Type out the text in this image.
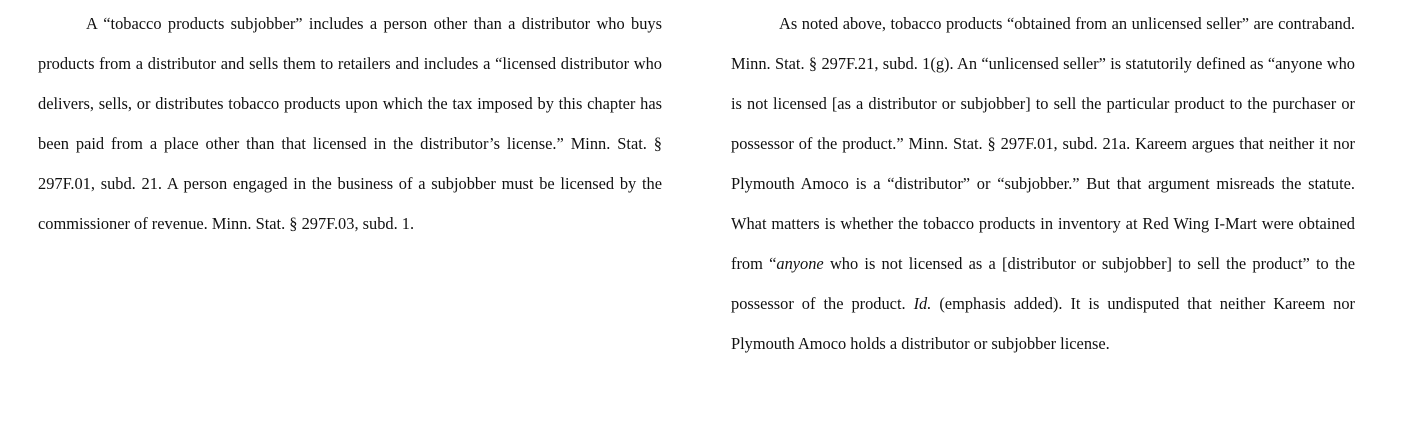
A “tobacco products subjobber” includes a person other than a distributor who buys products from a distributor and sells them to retailers and includes a “licensed distributor who delivers, sells, or distributes tobacco products upon which the tax imposed by this chapter has been paid from a place other than that licensed in the distributor’s license.” Minn. Stat. § 297F.01, subd. 21. A person engaged in the business of a subjobber must be licensed by the commissioner of revenue. Minn. Stat. § 297F.03, subd. 1.

As noted above, tobacco products “obtained from an unlicensed seller” are contraband. Minn. Stat. § 297F.21, subd. 1(g). An “unlicensed seller” is statutorily defined as “anyone who is not licensed [as a distributor or subjobber] to sell the particular product to the purchaser or possessor of the product.” Minn. Stat. § 297F.01, subd. 21a. Kareem argues that neither it nor Plymouth Amoco is a “distributor” or “subjobber.” But that argument misreads the statute. What matters is whether the tobacco products in inventory at Red Wing I-Mart were obtained from “anyone who is not licensed as a [distributor or subjobber] to sell the product” to the possessor of the product. Id. (emphasis added). It is undisputed that neither Kareem nor Plymouth Amoco holds a distributor or subjobber license.
